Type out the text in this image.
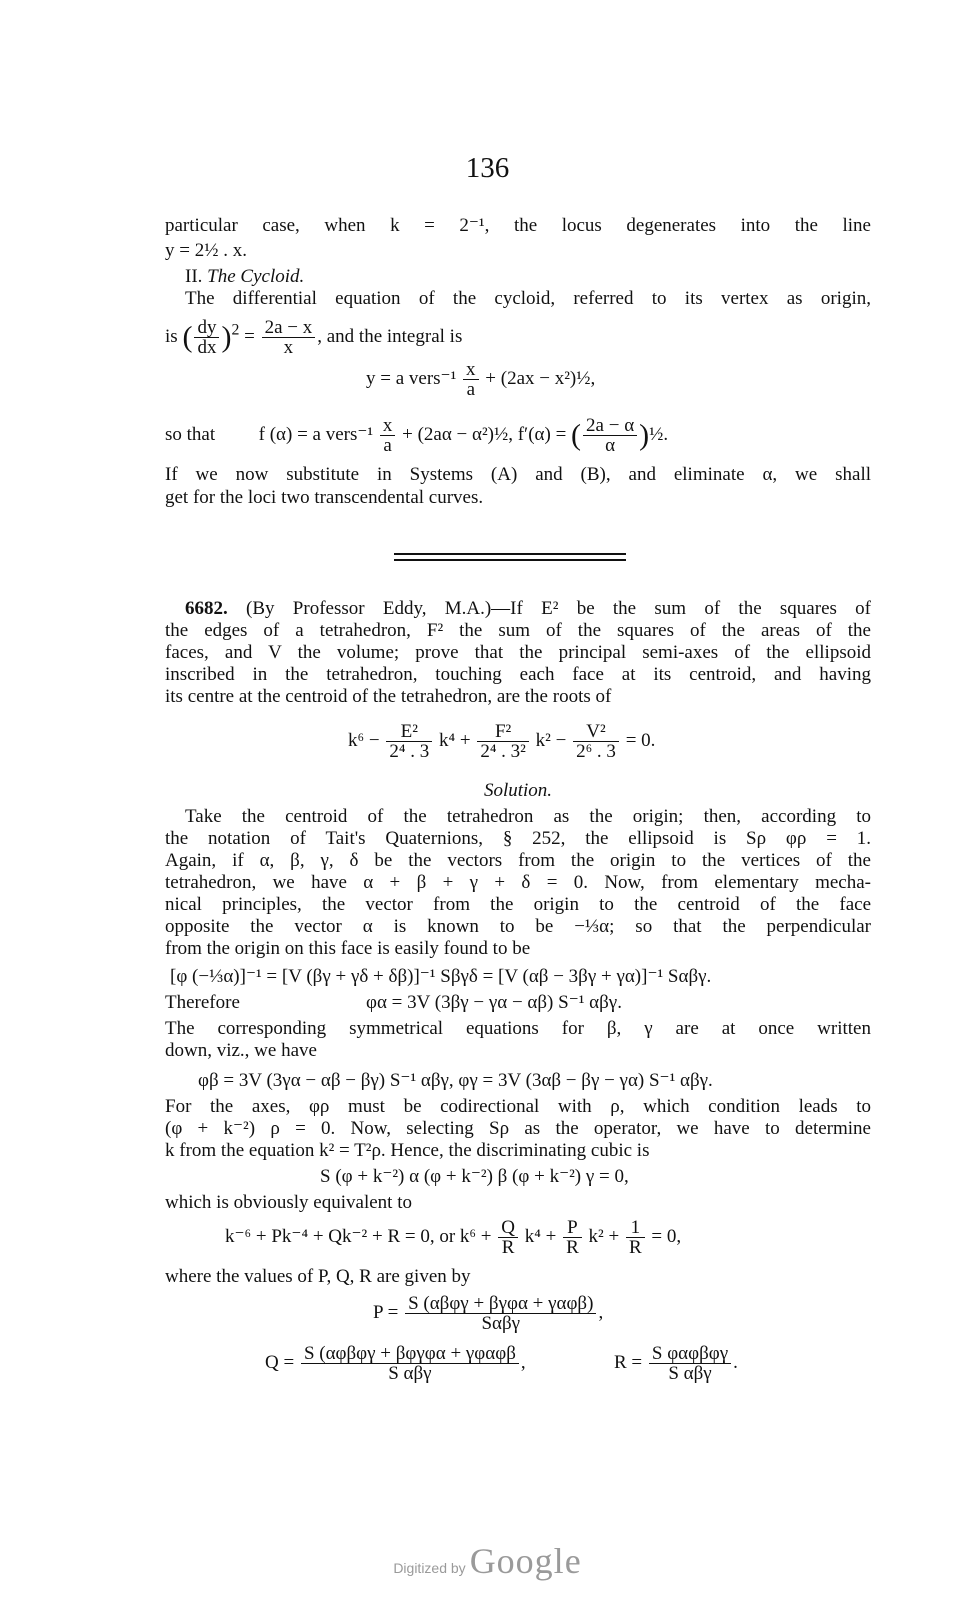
136
particular case, when k = 2⁻¹, the locus degenerates into the line
y = 2½ . x.
II. The Cycloid.
The differential equation of the cycloid, referred to its vertex as origin,
is ( $\frac{dy}{dx} )^2 = \frac{2a - x}{x}$ , and the integral is
y = a vers⁻¹ $\frac{x}{a} + (2ax$ − x²)½,
so that f (α) = a vers⁻¹ $\frac{x}{a} + (2a\alpha$ − α²)½, f′(α) = ( $\frac{2a - \alpha}{\alpha}$ )½.
If we now substitute in Systems (A) and (B), and eliminate α, we shall
get for the loci two transcendental curves.
6682. (By Professor Eddy, M.A.)—If E² be the sum of the squares of
the edges of a tetrahedron, F² the sum of the squares of the areas of the
faces, and V the volume; prove that the principal semi-axes of the ellipsoid
inscribed in the tetrahedron, touching each face at its centroid, and having
its centre at the centroid of the tetrahedron, are the roots of
$k^6 - \frac{\text{E²}}{\text{2⁴ . 3}} k^4 + \frac{\text{F²}}{\text{2⁴ . 3²}} k^2 - \frac{\text{V²}}{\text{2⁶ . 3}} = 0$.
Solution.
Take the centroid of the tetrahedron as the origin; then, according to
the notation of Tait's Quaternions, § 252, the ellipsoid is Sρ φρ = 1.
Again, if α, β, γ, δ be the vectors from the origin to the vertices of the
tetrahedron, we have α + β + γ + δ = 0. Now, from elementary mecha-
nical principles, the vector from the origin to the centroid of the face
opposite the vector α is known to be −⅓α; so that the perpendicular
from the origin on this face is easily found to be
[φ (−⅓α)]⁻¹ = [V (βγ + γδ + δβ)]⁻¹ Sβγδ = [V (αβ − 3βγ + γα)]⁻¹ Sαβγ.
Therefore	φα = 3V (3βγ − γα − αβ) S⁻¹ αβγ.
The corresponding symmetrical equations for β, γ are at once written
down, viz., we have
φβ = 3V (3γα − αβ − βγ) S⁻¹ αβγ, φγ = 3V (3αβ − βγ − γα) S⁻¹ αβγ.
For the axes, φρ must be codirectional with ρ, which condition leads to
(φ + k⁻²) ρ = 0. Now, selecting Sρ as the operator, we have to determine
k from the equation k² = T²ρ. Hence, the discriminating cubic is
S (φ + k⁻²) α (φ + k⁻²) β (φ + k⁻²) γ = 0,
which is obviously equivalent to
k⁻⁶ + Pk⁻⁴ + Qk⁻² + R = 0, or $k^6 + \frac{Q}{R} k^4 + \frac{P}{R} k^2 + \frac{1}{R} = 0$,
where the values of P, Q, R are given by
$P = \frac{\text{S (αβφγ + βγφα + γαφβ)}}{\text{Sαβγ}}$ ,
$Q = \frac{\text{S (αφβφγ + βφγφα + γφαφβ}}{\text{S αβγ}}$ ,	$R = \frac{\text{S φαφβφγ}}{\text{S αβγ}}$ .
Digitized by Google
